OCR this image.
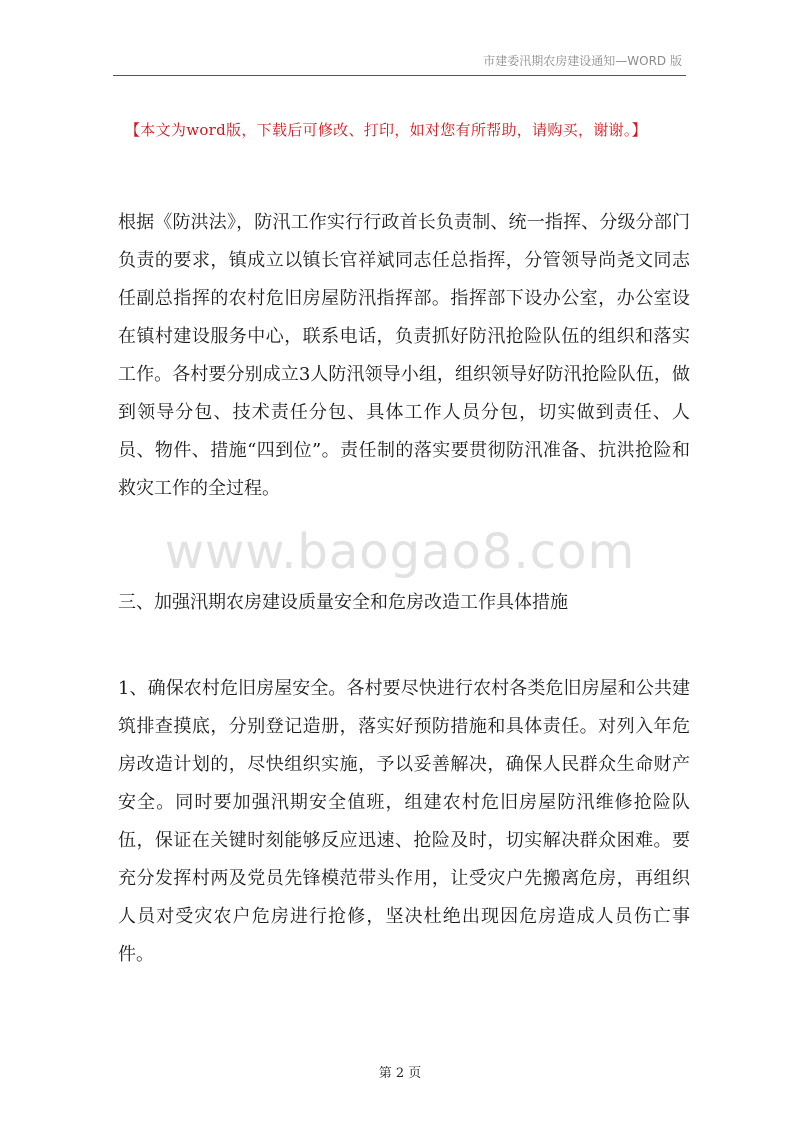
市建委汛期农房建设通知—WORD 版
【本文为word版，下载后可修改、打印，如对您有所帮助，请购买，谢谢。】

根据《防洪法》，防汛工作实行行政首长负责制、统一指挥、分级分部门负责的要求，镇成立以镇长官祥斌同志任总指挥，分管领导尚尧文同志任副总指挥的农村危旧房屋防汛指挥部。指挥部下设办公室，办公室设在镇村建设服务中心，联系电话，负责抓好防汛抢险队伍的组织和落实工作。各村要分别成立3人防汛领导小组，组织领导好防汛抢险队伍，做到领导分包、技术责任分包、具体工作人员分包，切实做到责任、人员、物件、措施“四到位”。责任制的落实要贯彻防汛准备、抗洪抢险和救灾工作的全过程。

www.baogao8.com

三、加强汛期农房建设质量安全和危房改造工作具体措施

1、确保农村危旧房屋安全。各村要尽快进行农村各类危旧房屋和公共建筑排查摸底，分别登记造册，落实好预防措施和具体责任。对列入年危房改造计划的，尽快组织实施，予以妥善解决，确保人民群众生命财产安全。同时要加强汛期安全值班，组建农村危旧房屋防汛维修抢险队伍，保证在关键时刻能够反应迅速、抢险及时，切实解决群众困难。要充分发挥村两及党员先锋模范带头作用，让受灾户先搬离危房，再组织人员对受灾农户危房进行抢修，坚决杜绝出现因危房造成人员伤亡事件。

第 2 页
